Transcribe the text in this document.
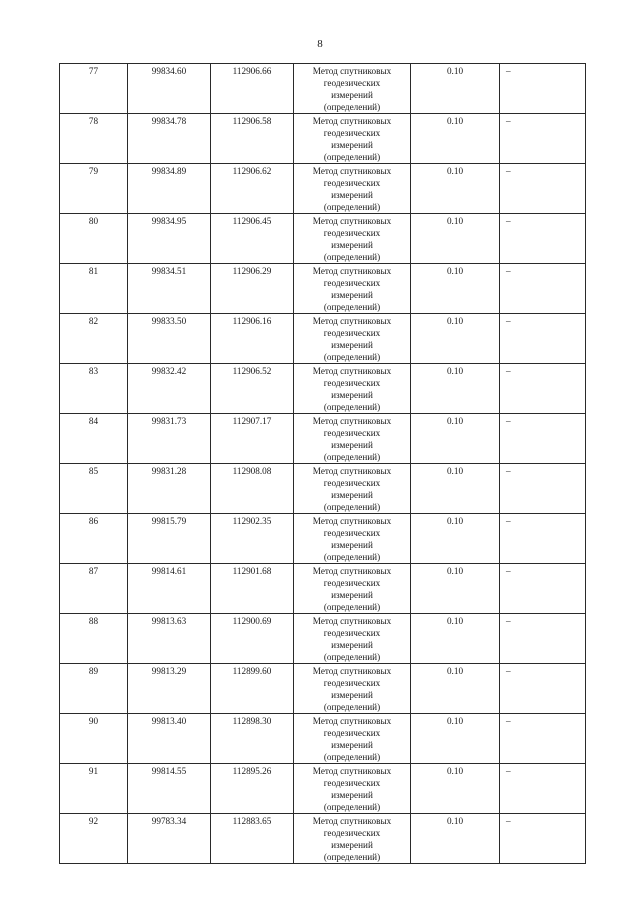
8
77	99834.60	112906.66	Метод спутниковых
геодезических
измерений
(определений)	0.10	–
78	99834.78	112906.58	Метод спутниковых
геодезических
измерений
(определений)	0.10	–
79	99834.89	112906.62	Метод спутниковых
геодезических
измерений
(определений)	0.10	–
80	99834.95	112906.45	Метод спутниковых
геодезических
измерений
(определений)	0.10	–
81	99834.51	112906.29	Метод спутниковых
геодезических
измерений
(определений)	0.10	–
82	99833.50	112906.16	Метод спутниковых
геодезических
измерений
(определений)	0.10	–
83	99832.42	112906.52	Метод спутниковых
геодезических
измерений
(определений)	0.10	–
84	99831.73	112907.17	Метод спутниковых
геодезических
измерений
(определений)	0.10	–
85	99831.28	112908.08	Метод спутниковых
геодезических
измерений
(определений)	0.10	–
86	99815.79	112902.35	Метод спутниковых
геодезических
измерений
(определений)	0.10	–
87	99814.61	112901.68	Метод спутниковых
геодезических
измерений
(определений)	0.10	–
88	99813.63	112900.69	Метод спутниковых
геодезических
измерений
(определений)	0.10	–
89	99813.29	112899.60	Метод спутниковых
геодезических
измерений
(определений)	0.10	–
90	99813.40	112898.30	Метод спутниковых
геодезических
измерений
(определений)	0.10	–
91	99814.55	112895.26	Метод спутниковых
геодезических
измерений
(определений)	0.10	–
92	99783.34	112883.65	Метод спутниковых
геодезических
измерений
(определений)	0.10	–
